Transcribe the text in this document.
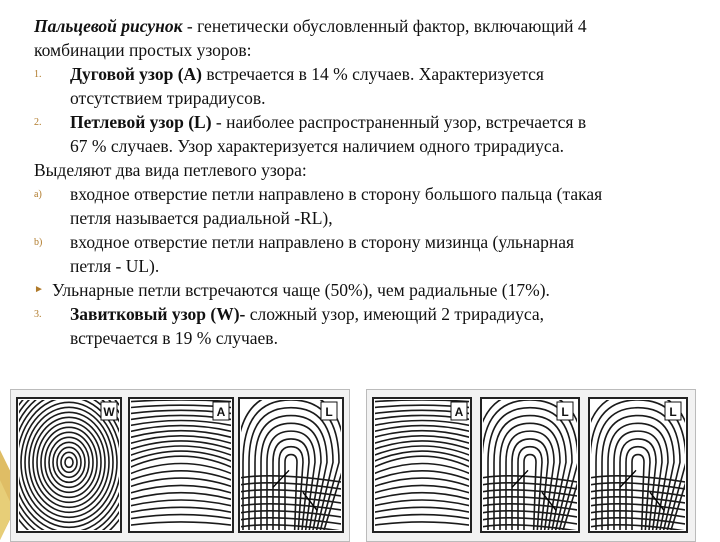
Пальцевой рисунок - генетически обусловленный фактор, включающий 4
комбинации простых узоров:
1. Дуговой узор (А) встречается в 14 % случаев. Характеризуется
отсутствием трирадиусов.
2. Петлевой узор (L) - наиболее распространенный узор, встречается в
67 % случаев. Узор характеризуется наличием одного трирадиуса.
Выделяют два вида петлевого узора:
a) входное отверстие петли направлено в сторону большого пальца (такая
петля называется радиальной -RL),
b) входное отверстие петли направлено в сторону мизинца (ульнарная
петля - UL).
► Ульнарные петли встречаются чаще (50%), чем радиальные (17%).
3. Завитковый узор (W)- сложный узор, имеющий 2 трирадиуса,
встречается в 19 % случаев.
W	A	L	A	L	L
